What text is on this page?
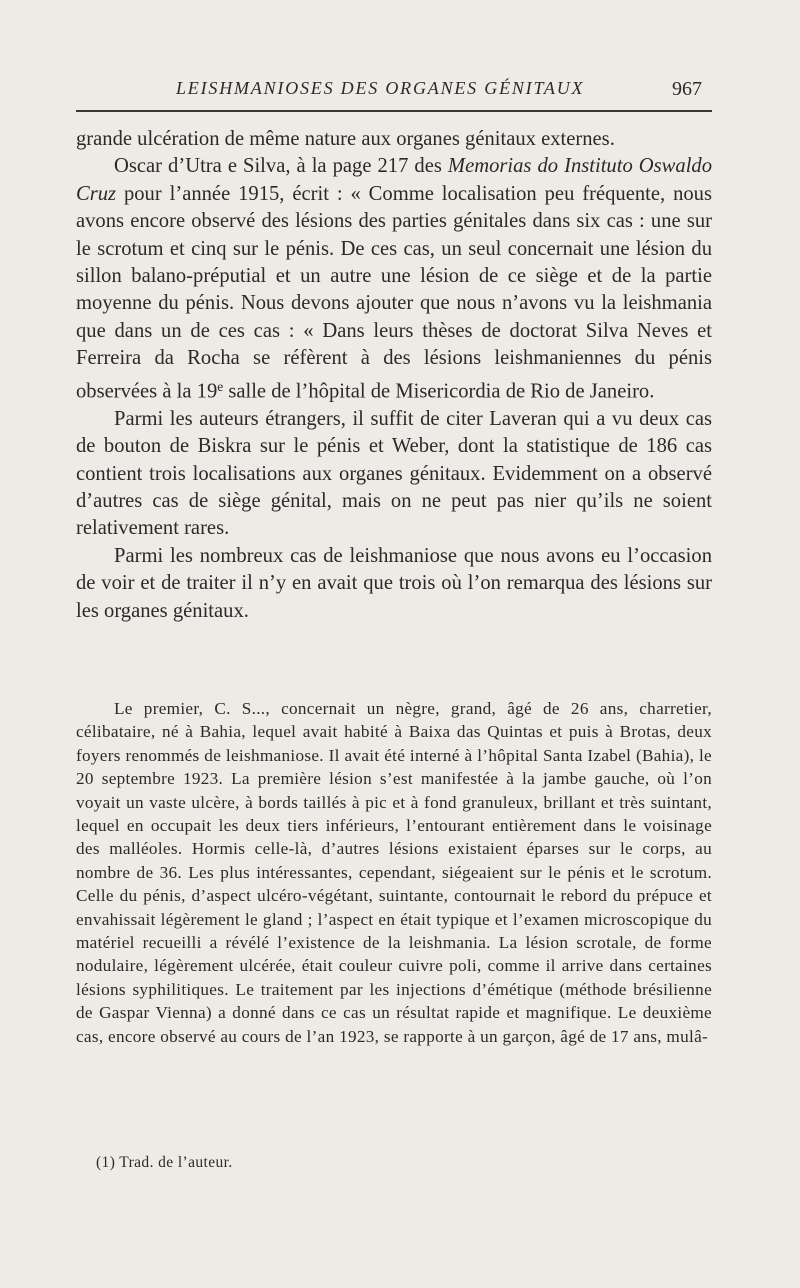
LEISHMANIOSES DES ORGANES GÉNITAUX	967

grande ulcération de même nature aux organes génitaux externes.

Oscar d’Utra e Silva, à la page 217 des Memorias do Instituto Oswaldo Cruz pour l’année 1915, écrit : « Comme localisation peu fréquente, nous avons encore observé des lésions des parties génitales dans six cas : une sur le scrotum et cinq sur le pénis. De ces cas, un seul concernait une lésion du sillon balano-préputial et un autre une lésion de ce siège et de la partie moyenne du pénis. Nous devons ajouter que nous n’avons vu la leishmania que dans un de ces cas : « Dans leurs thèses de doctorat Silva Neves et Ferreira da Rocha se réfèrent à des lésions leishmaniennes du pénis observées à la 19e salle de l’hôpital de Misericordia de Rio de Janeiro.

Parmi les auteurs étrangers, il suffit de citer Laveran qui a vu deux cas de bouton de Biskra sur le pénis et Weber, dont la statistique de 186 cas contient trois localisations aux organes génitaux. Evidemment on a observé d’autres cas de siège génital, mais on ne peut pas nier qu’ils ne soient relativement rares.

Parmi les nombreux cas de leishmaniose que nous avons eu l’occasion de voir et de traiter il n’y en avait que trois où l’on remarqua des lésions sur les organes génitaux.

Le premier, C. S..., concernait un nègre, grand, âgé de 26 ans, charretier, célibataire, né à Bahia, lequel avait habité à Baixa das Quintas et puis à Brotas, deux foyers renommés de leishmaniose. Il avait été interné à l’hôpital Santa Izabel (Bahia), le 20 septembre 1923. La première lésion s’est manifestée à la jambe gauche, où l’on voyait un vaste ulcère, à bords taillés à pic et à fond granuleux, brillant et très suintant, lequel en occupait les deux tiers inférieurs, l’entourant entièrement dans le voisinage des malléoles. Hormis celle-là, d’autres lésions existaient éparses sur le corps, au nombre de 36. Les plus intéressantes, cependant, siégeaient sur le pénis et le scrotum. Celle du pénis, d’aspect ulcéro-végétant, suintante, contournait le rebord du prépuce et envahissait légèrement le gland ; l’aspect en était typique et l’examen microscopique du matériel recueilli a révélé l’existence de la leishmania. La lésion scrotale, de forme nodulaire, légèrement ulcérée, était couleur cuivre poli, comme il arrive dans certaines lésions syphilitiques. Le traitement par les injections d’émétique (méthode brésilienne de Gaspar Vienna) a donné dans ce cas un résultat rapide et magnifique. Le deuxième cas, encore observé au cours de l’an 1923, se rapporte à un garçon, âgé de 17 ans, mulâ-

(1) Trad. de l’auteur.
